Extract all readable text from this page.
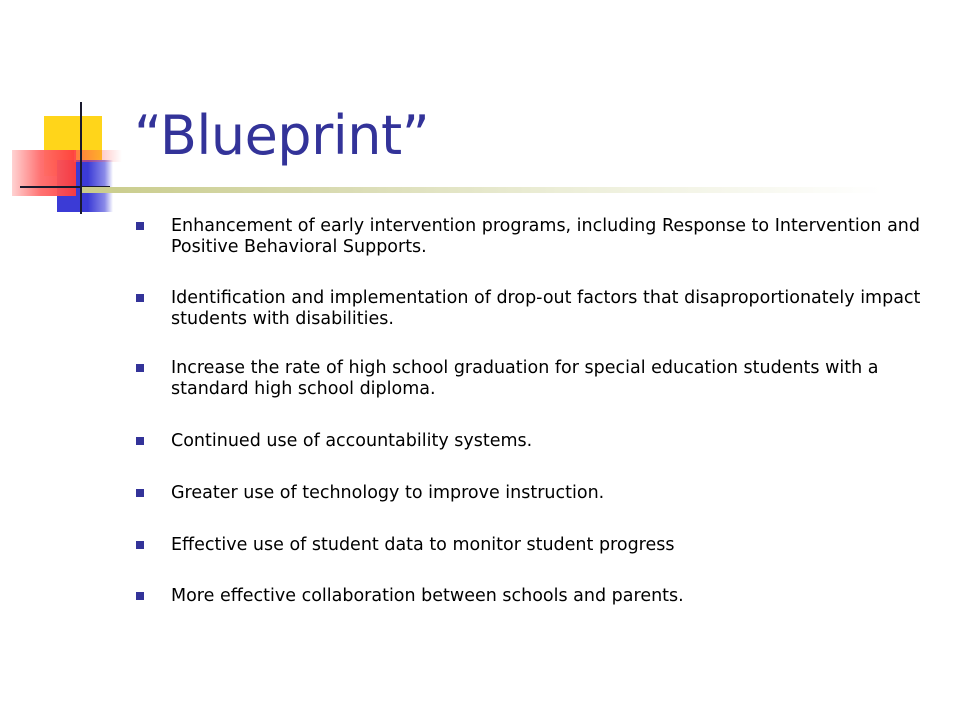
“Blueprint”
Enhancement of early intervention programs, including Response to Intervention and Positive Behavioral Supports.
Identification and implementation of drop-out factors that disaproportionately impact students with disabilities.
Increase the rate of high school graduation for special education students with a standard high school diploma.
Continued use of accountability systems.
Greater use of technology to improve instruction.
Effective use of student data to monitor student progress
More effective collaboration between schools and parents.
